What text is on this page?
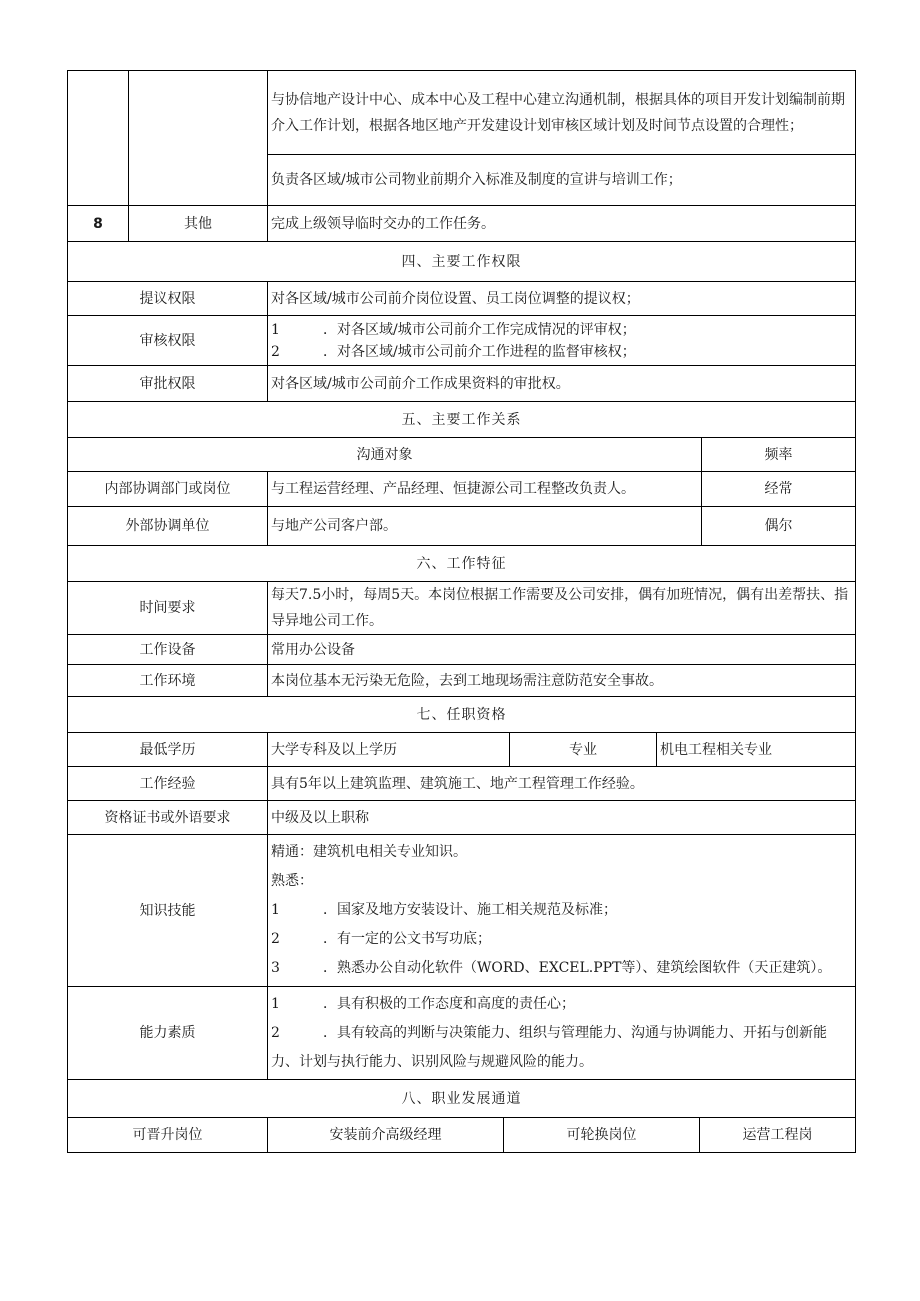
		与协信地产设计中心、成本中心及工程中心建立沟通机制，根据具体的项目开发计划编制前期介入工作计划，根据各地区地产开发建设计划审核区域计划及时间节点设置的合理性；					
		负责各区域/城市公司物业前期介入标准及制度的宣讲与培训工作；					
8	其他	完成上级领导临时交办的工作任务。					
四、主要工作权限							
提议权限		对各区域/城市公司前介岗位设置、员工岗位调整的提议权；					
审核权限		1 ．对各区域/城市公司前介工作完成情况的评审权；
2 ．对各区域/城市公司前介工作进程的监督审核权；					

审批权限		对各区域/城市公司前介工作成果资料的审批权。					
五、主要工作关系							
沟通对象							频率
内部协调部门或岗位		与工程运营经理、产品经理、恒捷源公司工程整改负责人。					经常
外部协调单位		与地产公司客户部。					偶尔
六、工作特征							
时间要求		每天7.5小时，每周5天。本岗位根据工作需要及公司安排，偶有加班情况，偶有出差帮扶、指导异地公司工作。					
工作设备		常用办公设备					
工作环境		本岗位基本无污染无危险，去到工地现场需注意防范安全事故。					
七、任职资格							
最低学历		大学专科及以上学历		专业	机电工程相关专业		
工作经验		具有5年以上建筑监理、建筑施工、地产工程管理工作经验。					
资格证书或外语要求		中级及以上职称					
知识技能		精通：建筑机电相关专业知识。
熟悉：
1 ．国家及地方安装设计、施工相关规范及标准；
2 ．有一定的公文书写功底；
3 ．熟悉办公自动化软件（WORD、EXCEL.PPT等）、建筑绘图软件（天正建筑）。					

能力素质		1 ．具有积极的工作态度和高度的责任心；
2 ．具有较高的判断与决策能力、组织与管理能力、沟通与协调能力、开拓与创新能力、计划与执行能力、识别风险与规避风险的能力。					

八、职业发展通道							
可晋升岗位		安装前介高级经理	可轮换岗位			运营工程岗	
